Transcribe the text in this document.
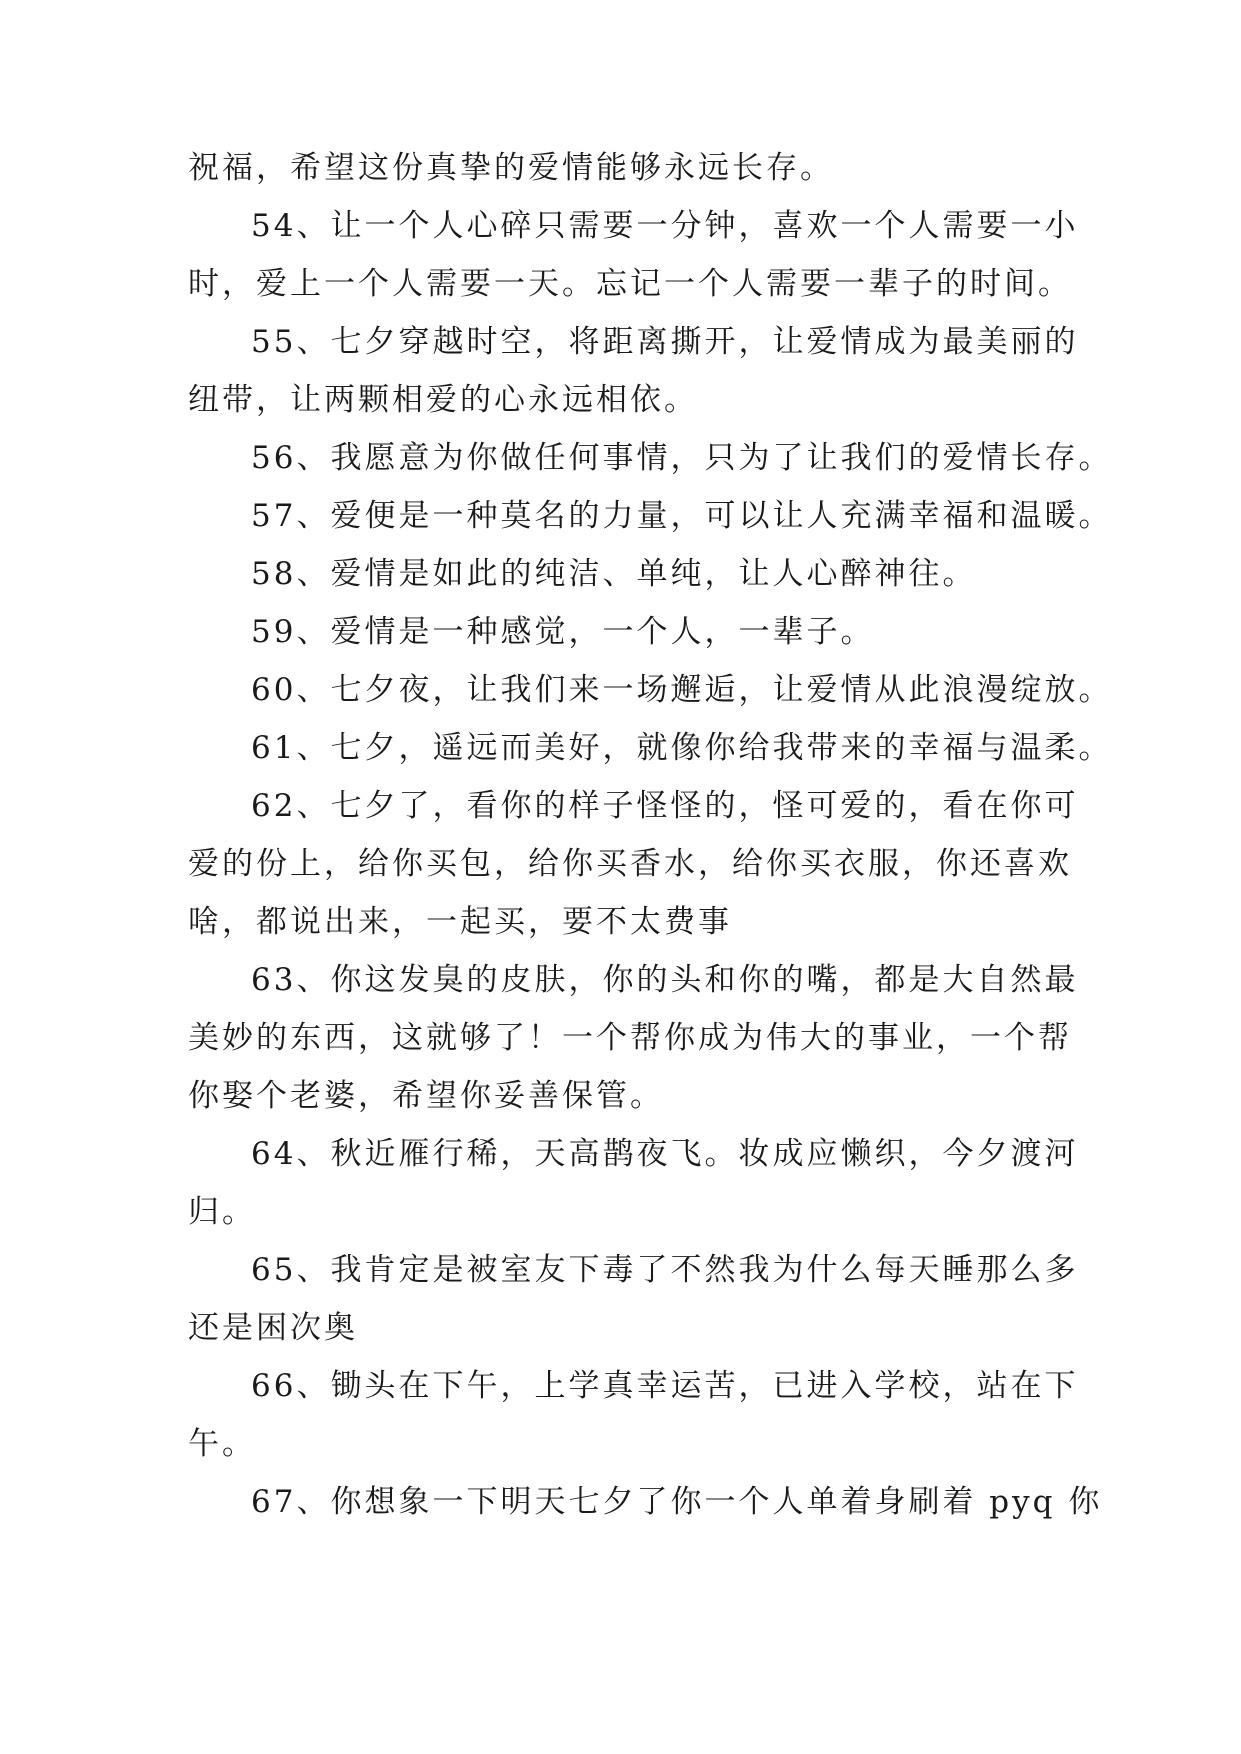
祝福，希望这份真挚的爱情能够永远长存。
54、让一个人心碎只需要一分钟，喜欢一个人需要一小
时，爱上一个人需要一天。忘记一个人需要一辈子的时间。
55、七夕穿越时空，将距离撕开，让爱情成为最美丽的
纽带，让两颗相爱的心永远相依。
56、我愿意为你做任何事情，只为了让我们的爱情长存。
57、爱便是一种莫名的力量，可以让人充满幸福和温暖。
58、爱情是如此的纯洁、单纯，让人心醉神往。
59、爱情是一种感觉，一个人，一辈子。
60、七夕夜，让我们来一场邂逅，让爱情从此浪漫绽放。
61、七夕，遥远而美好，就像你给我带来的幸福与温柔。
62、七夕了，看你的样子怪怪的，怪可爱的，看在你可
爱的份上，给你买包，给你买香水，给你买衣服，你还喜欢
啥，都说出来，一起买，要不太费事
63、你这发臭的皮肤，你的头和你的嘴，都是大自然最
美妙的东西，这就够了！一个帮你成为伟大的事业，一个帮
你娶个老婆，希望你妥善保管。
64、秋近雁行稀，天高鹊夜飞。妆成应懒织，今夕渡河
归。
65、我肯定是被室友下毒了不然我为什么每天睡那么多
还是困次奥
66、锄头在下午，上学真幸运苦，已进入学校，站在下
午。
67、你想象一下明天七夕了你一个人单着身刷着 pyq 你
